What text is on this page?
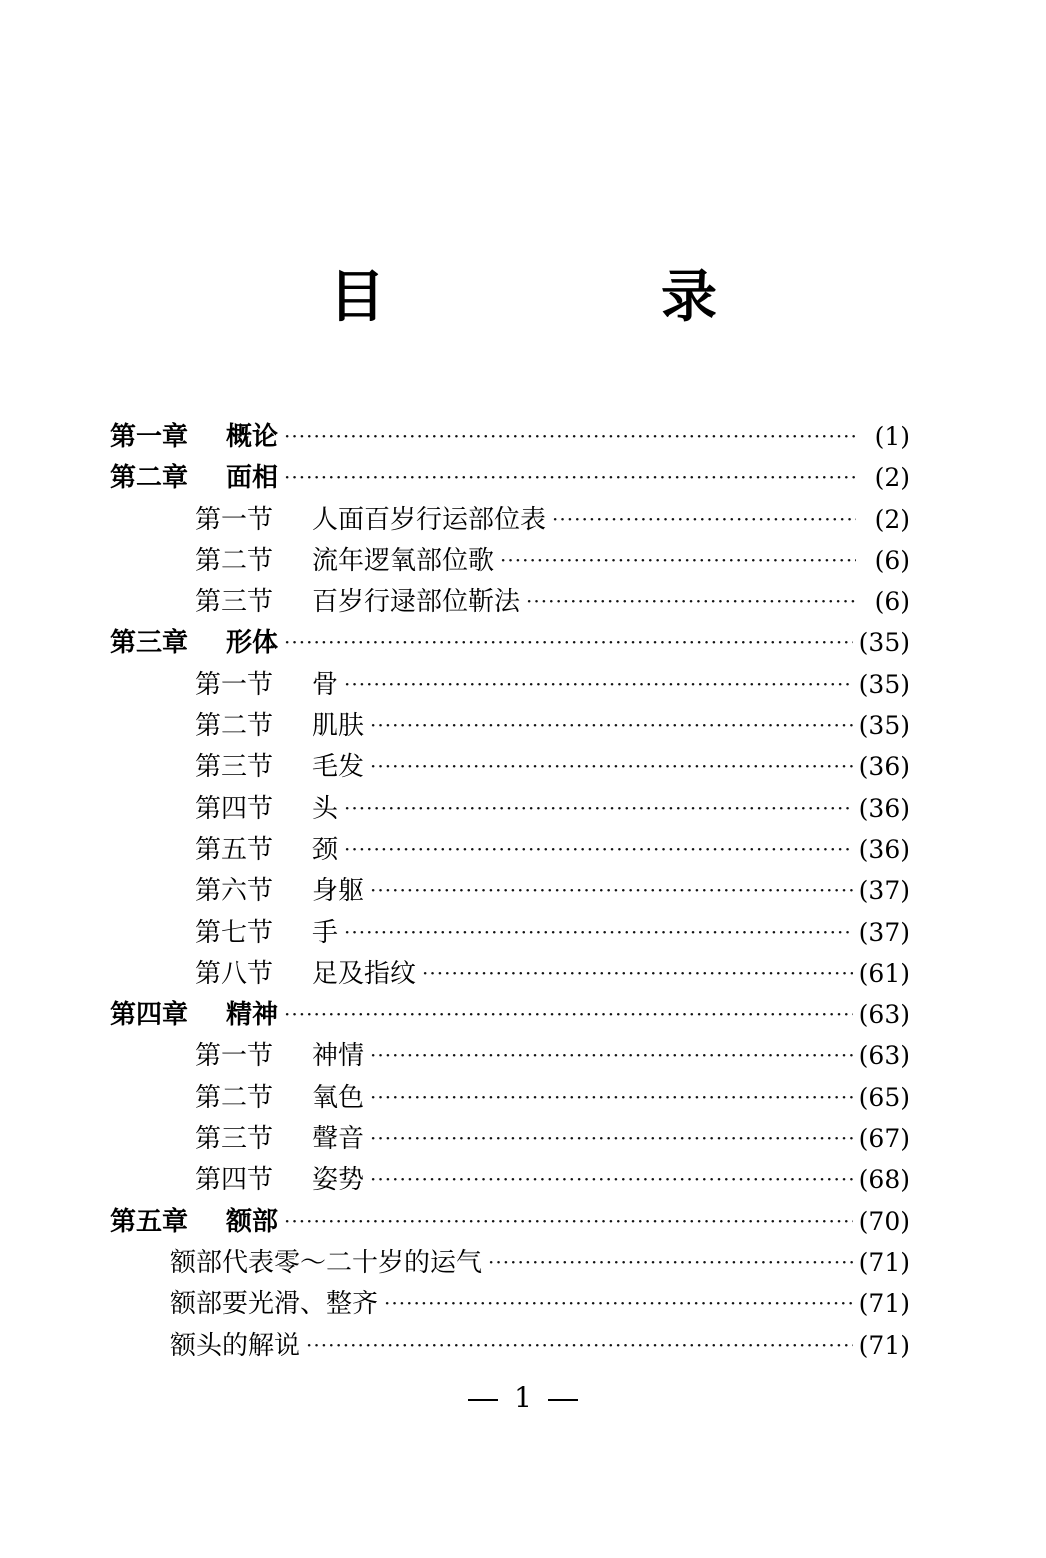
目　录
第一章	概论 ·····	(1)
第二章	面相 ·····	(2)
第一节	人面百岁行运部位表 ·····	(2)
第二节	流年逻氧部位歌 ·····	(6)
第三节	百岁行逯部位靳法 ·····	(6)
第三章	形体 ·····	(35)
第一节	骨 ·····	(35)
第二节	肌肤 ·····	(35)
第三节	毛发 ·····	(36)
第四节	头 ·····	(36)
第五节	颈 ·····	(36)
第六节	身躯 ·····	(37)
第七节	手 ·····	(37)
第八节	足及指纹 ·····	(61)
第四章	精神 ·····	(63)
第一节	神情 ·····	(63)
第二节	氧色 ·····	(65)
第三节	聲音 ·····	(67)
第四节	姿势 ·····	(68)
第五章	额部 ·····	(70)
额部代表零～二十岁的运气 ·····	(71)
额部要光滑、整齐 ·····	(71)
额头的解说 ·····	(71)
1
